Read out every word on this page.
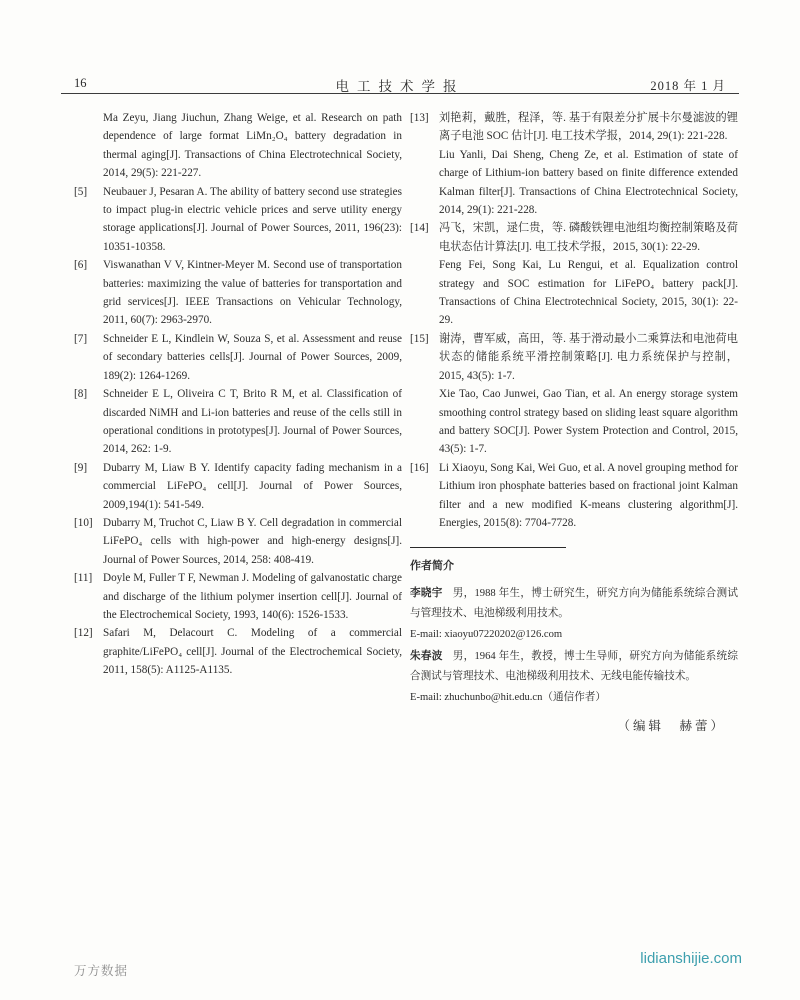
16	电工技术学报	2018 年 1 月

Ma Zeyu, Jiang Jiuchun, Zhang Weige, et al. Research on path dependence of large format LiMn₂O₄ battery degradation in thermal aging[J]. Transactions of China Electrotechnical Society, 2014, 29(5): 221-227.

[5] Neubauer J, Pesaran A. The ability of battery second use strategies to impact plug-in electric vehicle prices and serve utility energy storage applications[J]. Journal of Power Sources, 2011, 196(23): 10351-10358.

[6] Viswanathan V V, Kintner-Meyer M. Second use of transportation batteries: maximizing the value of batteries for transportation and grid services[J]. IEEE Transactions on Vehicular Technology, 2011, 60(7): 2963-2970.

[7] Schneider E L, Kindlein W, Souza S, et al. Assessment and reuse of secondary batteries cells[J]. Journal of Power Sources, 2009, 189(2): 1264-1269.

[8] Schneider E L, Oliveira C T, Brito R M, et al. Classification of discarded NiMH and Li-ion batteries and reuse of the cells still in operational conditions in prototypes[J]. Journal of Power Sources, 2014, 262: 1-9.

[9] Dubarry M, Liaw B Y. Identify capacity fading mechanism in a commercial LiFePO₄ cell[J]. Journal of Power Sources, 2009,194(1): 541-549.

[10] Dubarry M, Truchot C, Liaw B Y. Cell degradation in commercial LiFePO₄ cells with high-power and high-energy designs[J]. Journal of Power Sources, 2014, 258: 408-419.

[11] Doyle M, Fuller T F, Newman J. Modeling of galvanostatic charge and discharge of the lithium polymer insertion cell[J]. Journal of the Electrochemical Society, 1993, 140(6): 1526-1533.

[12] Safari M, Delacourt C. Modeling of a commercial graphite/LiFePO₄ cell[J]. Journal of the Electrochemical Society, 2011, 158(5): A1125-A1135.

[13] 刘艳莉，戴胜，程泽，等. 基于有限差分扩展卡尔曼滤波的锂离子电池 SOC 估计[J]. 电工技术学报，2014, 29(1): 221-228.

Liu Yanli, Dai Sheng, Cheng Ze, et al. Estimation of state of charge of Lithium-ion battery based on finite difference extended Kalman filter[J]. Transactions of China Electrotechnical Society, 2014, 29(1): 221-228.

[14] 冯飞，宋凯，逯仁贵，等. 磷酸铁锂电池组均衡控制策略及荷电状态估计算法[J]. 电工技术学报，2015, 30(1): 22-29.

Feng Fei, Song Kai, Lu Rengui, et al. Equalization control strategy and SOC estimation for LiFePO₄ battery pack[J]. Transactions of China Electrotechnical Society, 2015, 30(1): 22-29.

[15] 谢涛，曹军威，高田，等. 基于滑动最小二乘算法和电池荷电状态的储能系统平滑控制策略[J]. 电力系统保护与控制，2015, 43(5): 1-7.

Xie Tao, Cao Junwei, Gao Tian, et al. An energy storage system smoothing control strategy based on sliding least square algorithm and battery SOC[J]. Power System Protection and Control, 2015, 43(5): 1-7.

[16] Li Xiaoyu, Song Kai, Wei Guo, et al. A novel grouping method for Lithium iron phosphate batteries based on fractional joint Kalman filter and a new modified K-means clustering algorithm[J]. Energies, 2015(8): 7704-7728.

作者简介

李晓宇 男，1988 年生，博士研究生，研究方向为储能系统综合测试与管理技术、电池梯级利用技术。

E-mail: xiaoyu07220202@126.com

朱春波 男，1964 年生，教授，博士生导师，研究方向为储能系统综合测试与管理技术、电池梯级利用技术、无线电能传输技术。

E-mail: zhuchunbo@hit.edu.cn（通信作者）

（编辑　赫蕾）
万方数据
lidianshijie.com
